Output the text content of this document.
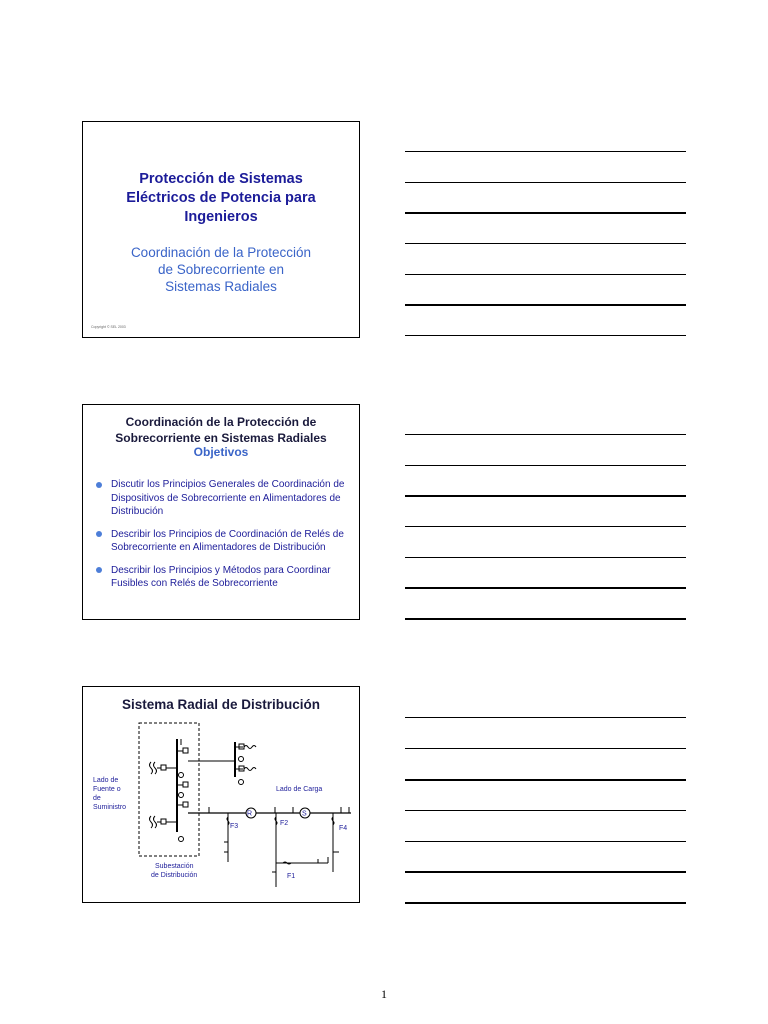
Protección de Sistemas
Eléctricos de Potencia para
Ingenieros
Coordinación de la Protección
de Sobrecorriente en
Sistemas Radiales
Copyright © SEL 2003
Coordinación de la Protección de
Sobrecorriente en Sistemas Radiales
Objetivos
Discutir los Principios Generales de Coordinación de Dispositivos de Sobrecorriente en Alimentadores de Distribución
Describir los Principios de Coordinación de Relés de Sobrecorriente en Alimentadores de Distribución
Describir los Principios y Métodos para Coordinar Fusibles con Relés de Sobrecorriente
Sistema Radial de Distribución
R	S
Lado de
Fuente o
de
Suministro
Lado de Carga
Subestación
de Distribución	F1
F2
F3	F4
1
